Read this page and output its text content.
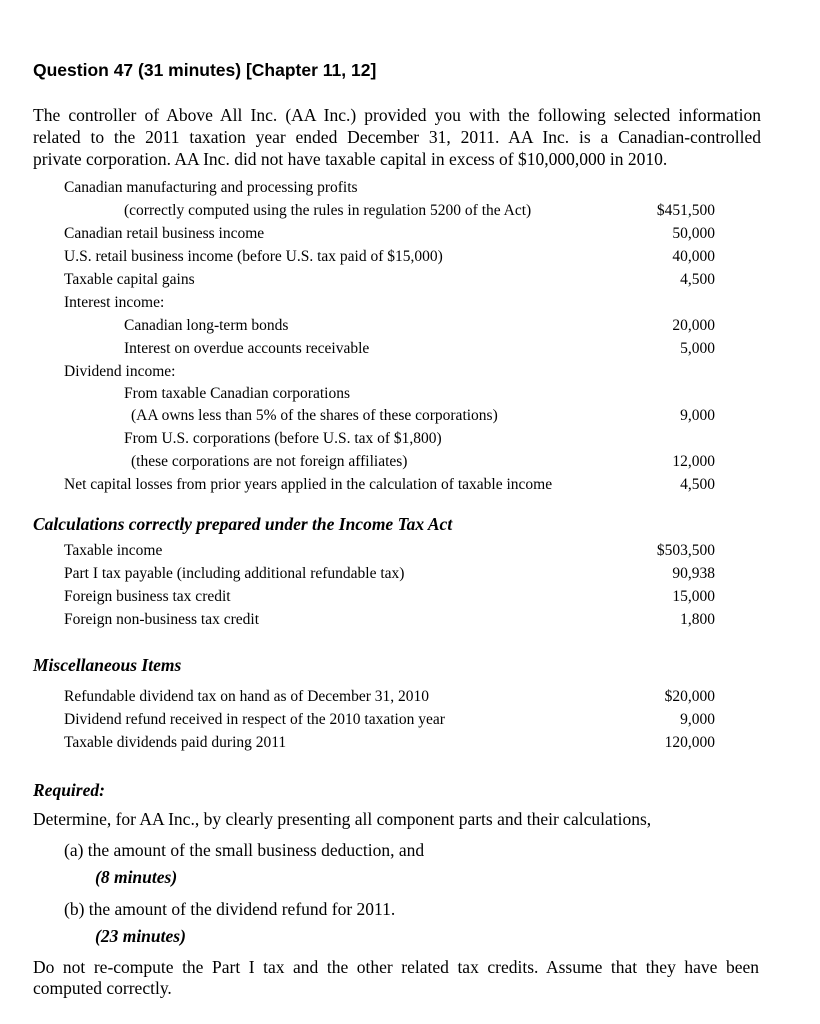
Question 47 (31 minutes) [Chapter 11, 12]
The controller of Above All Inc. (AA Inc.) provided you with the following selected information
related to the 2011 taxation year ended December 31, 2011. AA Inc. is a Canadian-controlled
private corporation. AA Inc. did not have taxable capital in excess of $10,000,000 in 2010.
Canadian manufacturing and processing profits
(correctly computed using the rules in regulation 5200 of the Act)	$451,500
Canadian retail business income	50,000
U.S. retail business income (before U.S. tax paid of $15,000)	40,000
Taxable capital gains	4,500
Interest income:
Canadian long-term bonds	20,000
Interest on overdue accounts receivable	5,000
Dividend income:
From taxable Canadian corporations
(AA owns less than 5% of the shares of these corporations)	9,000
From U.S. corporations (before U.S. tax of $1,800)
(these corporations are not foreign affiliates)	12,000
Net capital losses from prior years applied in the calculation of taxable income	4,500
Calculations correctly prepared under the Income Tax Act
Taxable income	$503,500
Part I tax payable (including additional refundable tax)	90,938
Foreign business tax credit	15,000
Foreign non-business tax credit	1,800
Miscellaneous Items
Refundable dividend tax on hand as of December 31, 2010	$20,000
Dividend refund received in respect of the 2010 taxation year	9,000
Taxable dividends paid during 2011	120,000
Required:
Determine, for AA Inc., by clearly presenting all component parts and their calculations,
(a) the amount of the small business deduction, and
(8 minutes)
(b) the amount of the dividend refund for 2011.
(23 minutes)
Do not re-compute the Part I tax and the other related tax credits. Assume that they have been
computed correctly.
